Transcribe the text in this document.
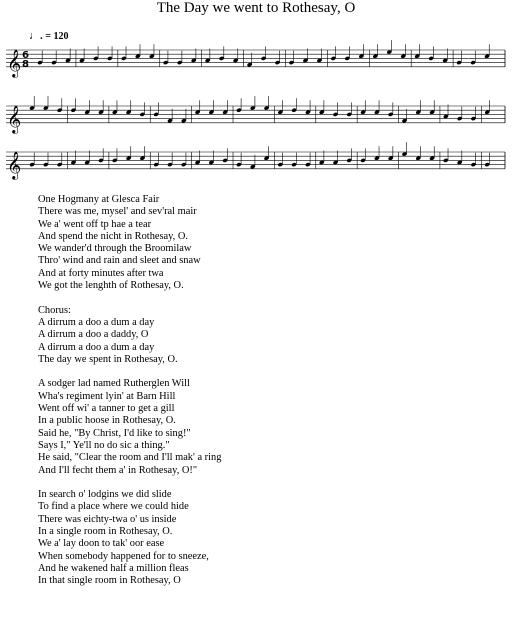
The Day we went to Rothesay, O
♩. = 120
𝄞 6
8
𝄞
𝄞
One Hogmany at Glesca Fair
There was me, mysel' and sev'ral mair
We a' went off tp hae a tear
And spend the nicht in Rothesay, O.
We wander'd through the Broomilaw
Thro' wind and rain and sleet and snaw
And at forty minutes after twa
We got the lenghth of Rothesay, O.
Chorus:
A dirrum a doo a dum a day
A dirrum a doo a daddy, O
A dirrum a doo a dum a day
The day we spent in Rothesay, O.
A sodger lad named Rutherglen Will
Wha's regiment lyin' at Barn Hill
Went off wi' a tanner to get a gill
In a public hoose in Rothesay, O.
Said he, "By Christ, I'd like to sing!"
Says I," Ye'll no do sic a thing."
He said, "Clear the room and I'll mak' a ring
And I'll fecht them a' in Rothesay, O!"
In search o' lodgins we did slide
To find a place where we could hide
There was eichty-twa o' us inside
In a single room in Rothesay, O.
We a' lay doon to tak' oor ease
When somebody happened for to sneeze,
And he wakened half a million fleas
In that single room in Rothesay, O
